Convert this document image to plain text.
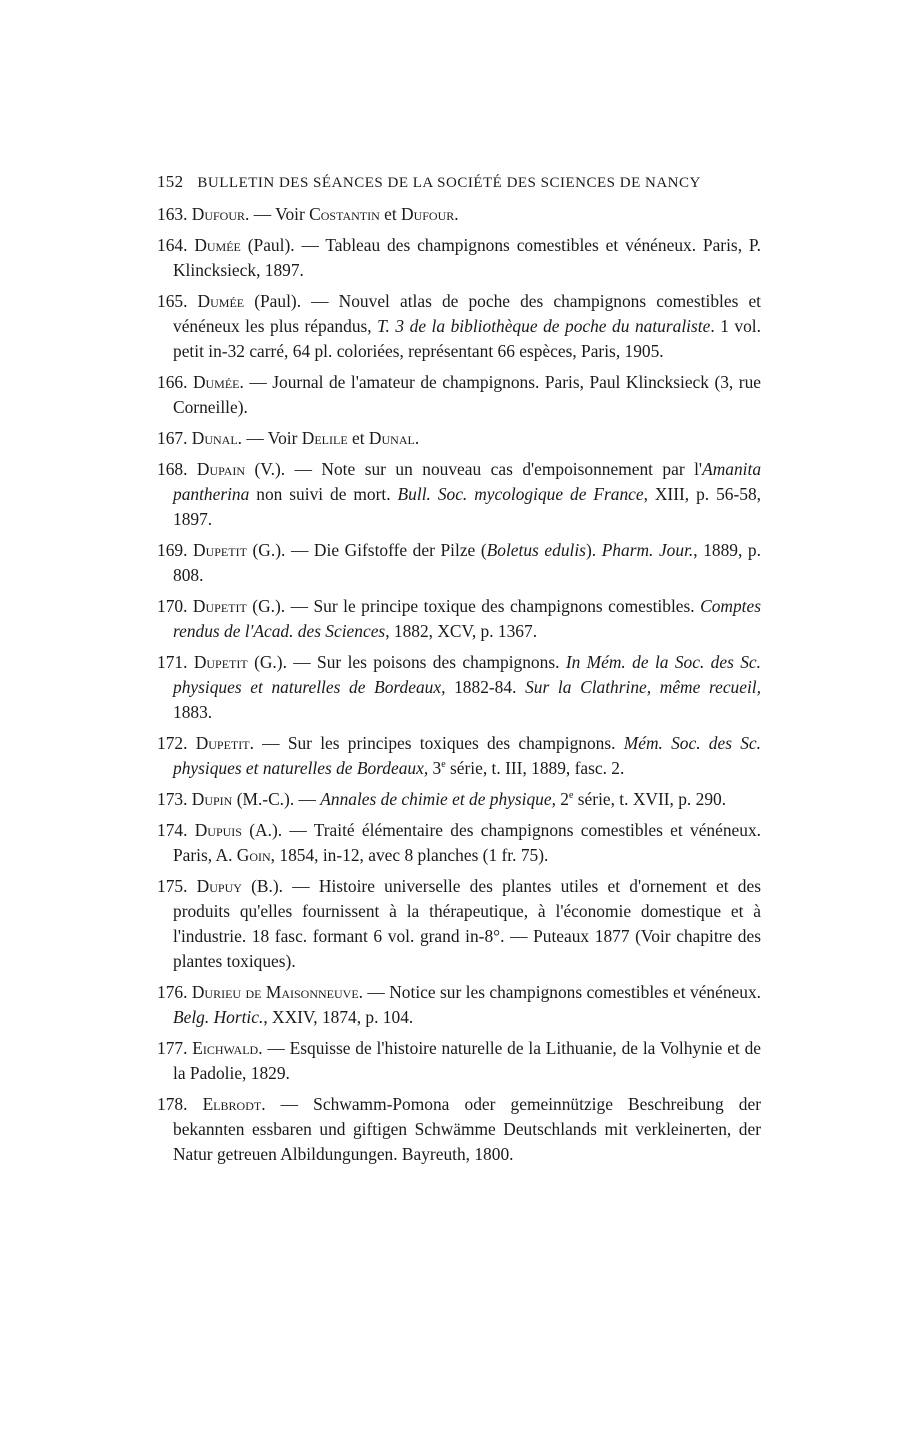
152 BULLETIN DES SÉANCES DE LA SOCIÉTÉ DES SCIENCES DE NANCY
163. Dufour. — Voir Costantin et Dufour.
164. Dumée (Paul). — Tableau des champignons comestibles et vénéneux. Paris, P. Klincksieck, 1897.
165. Dumée (Paul). — Nouvel atlas de poche des champignons comestibles et vénéneux les plus répandus, T. 3 de la bibliothèque de poche du naturaliste. 1 vol. petit in-32 carré, 64 pl. coloriées, représentant 66 espèces, Paris, 1905.
166. Dumée. — Journal de l'amateur de champignons. Paris, Paul Klincksieck (3, rue Corneille).
167. Dunal. — Voir Delile et Dunal.
168. Dupain (V.). — Note sur un nouveau cas d'empoisonnement par l'Amanita pantherina non suivi de mort. Bull. Soc. mycologique de France, XIII, p. 56-58, 1897.
169. Dupetit (G.). — Die Gifstoffe der Pilze (Boletus edulis). Pharm. Jour., 1889, p. 808.
170. Dupetit (G.). — Sur le principe toxique des champignons comestibles. Comptes rendus de l'Acad. des Sciences, 1882, XCV, p. 1367.
171. Dupetit (G.). — Sur les poisons des champignons. In Mém. de la Soc. des Sc. physiques et naturelles de Bordeaux, 1882-84. Sur la Clathrine, même recueil, 1883.
172. Dupetit. — Sur les principes toxiques des champignons. Mém. Soc. des Sc. physiques et naturelles de Bordeaux, 3e série, t. III, 1889, fasc. 2.
173. Dupin (M.-C.). — Annales de chimie et de physique, 2e série, t. XVII, p. 290.
174. Dupuis (A.). — Traité élémentaire des champignons comestibles et vénéneux. Paris, A. Goin, 1854, in-12, avec 8 planches (1 fr. 75).
175. Dupuy (B.). — Histoire universelle des plantes utiles et d'ornement et des produits qu'elles fournissent à la thérapeutique, à l'économie domestique et à l'industrie. 18 fasc. formant 6 vol. grand in-8°. — Puteaux 1877 (Voir chapitre des plantes toxiques).
176. Durieu de Maisonneuve. — Notice sur les champignons comestibles et vénéneux. Belg. Hortic., XXIV, 1874, p. 104.
177. Eichwald. — Esquisse de l'histoire naturelle de la Lithuanie, de la Volhynie et de la Padolie, 1829.
178. Elbrodt. — Schwamm-Pomona oder gemeinnützige Beschreibung der bekannten essbaren und giftigen Schwämme Deutschlands mit verkleinerten, der Natur getreuen Albildungungen. Bayreuth, 1800.
